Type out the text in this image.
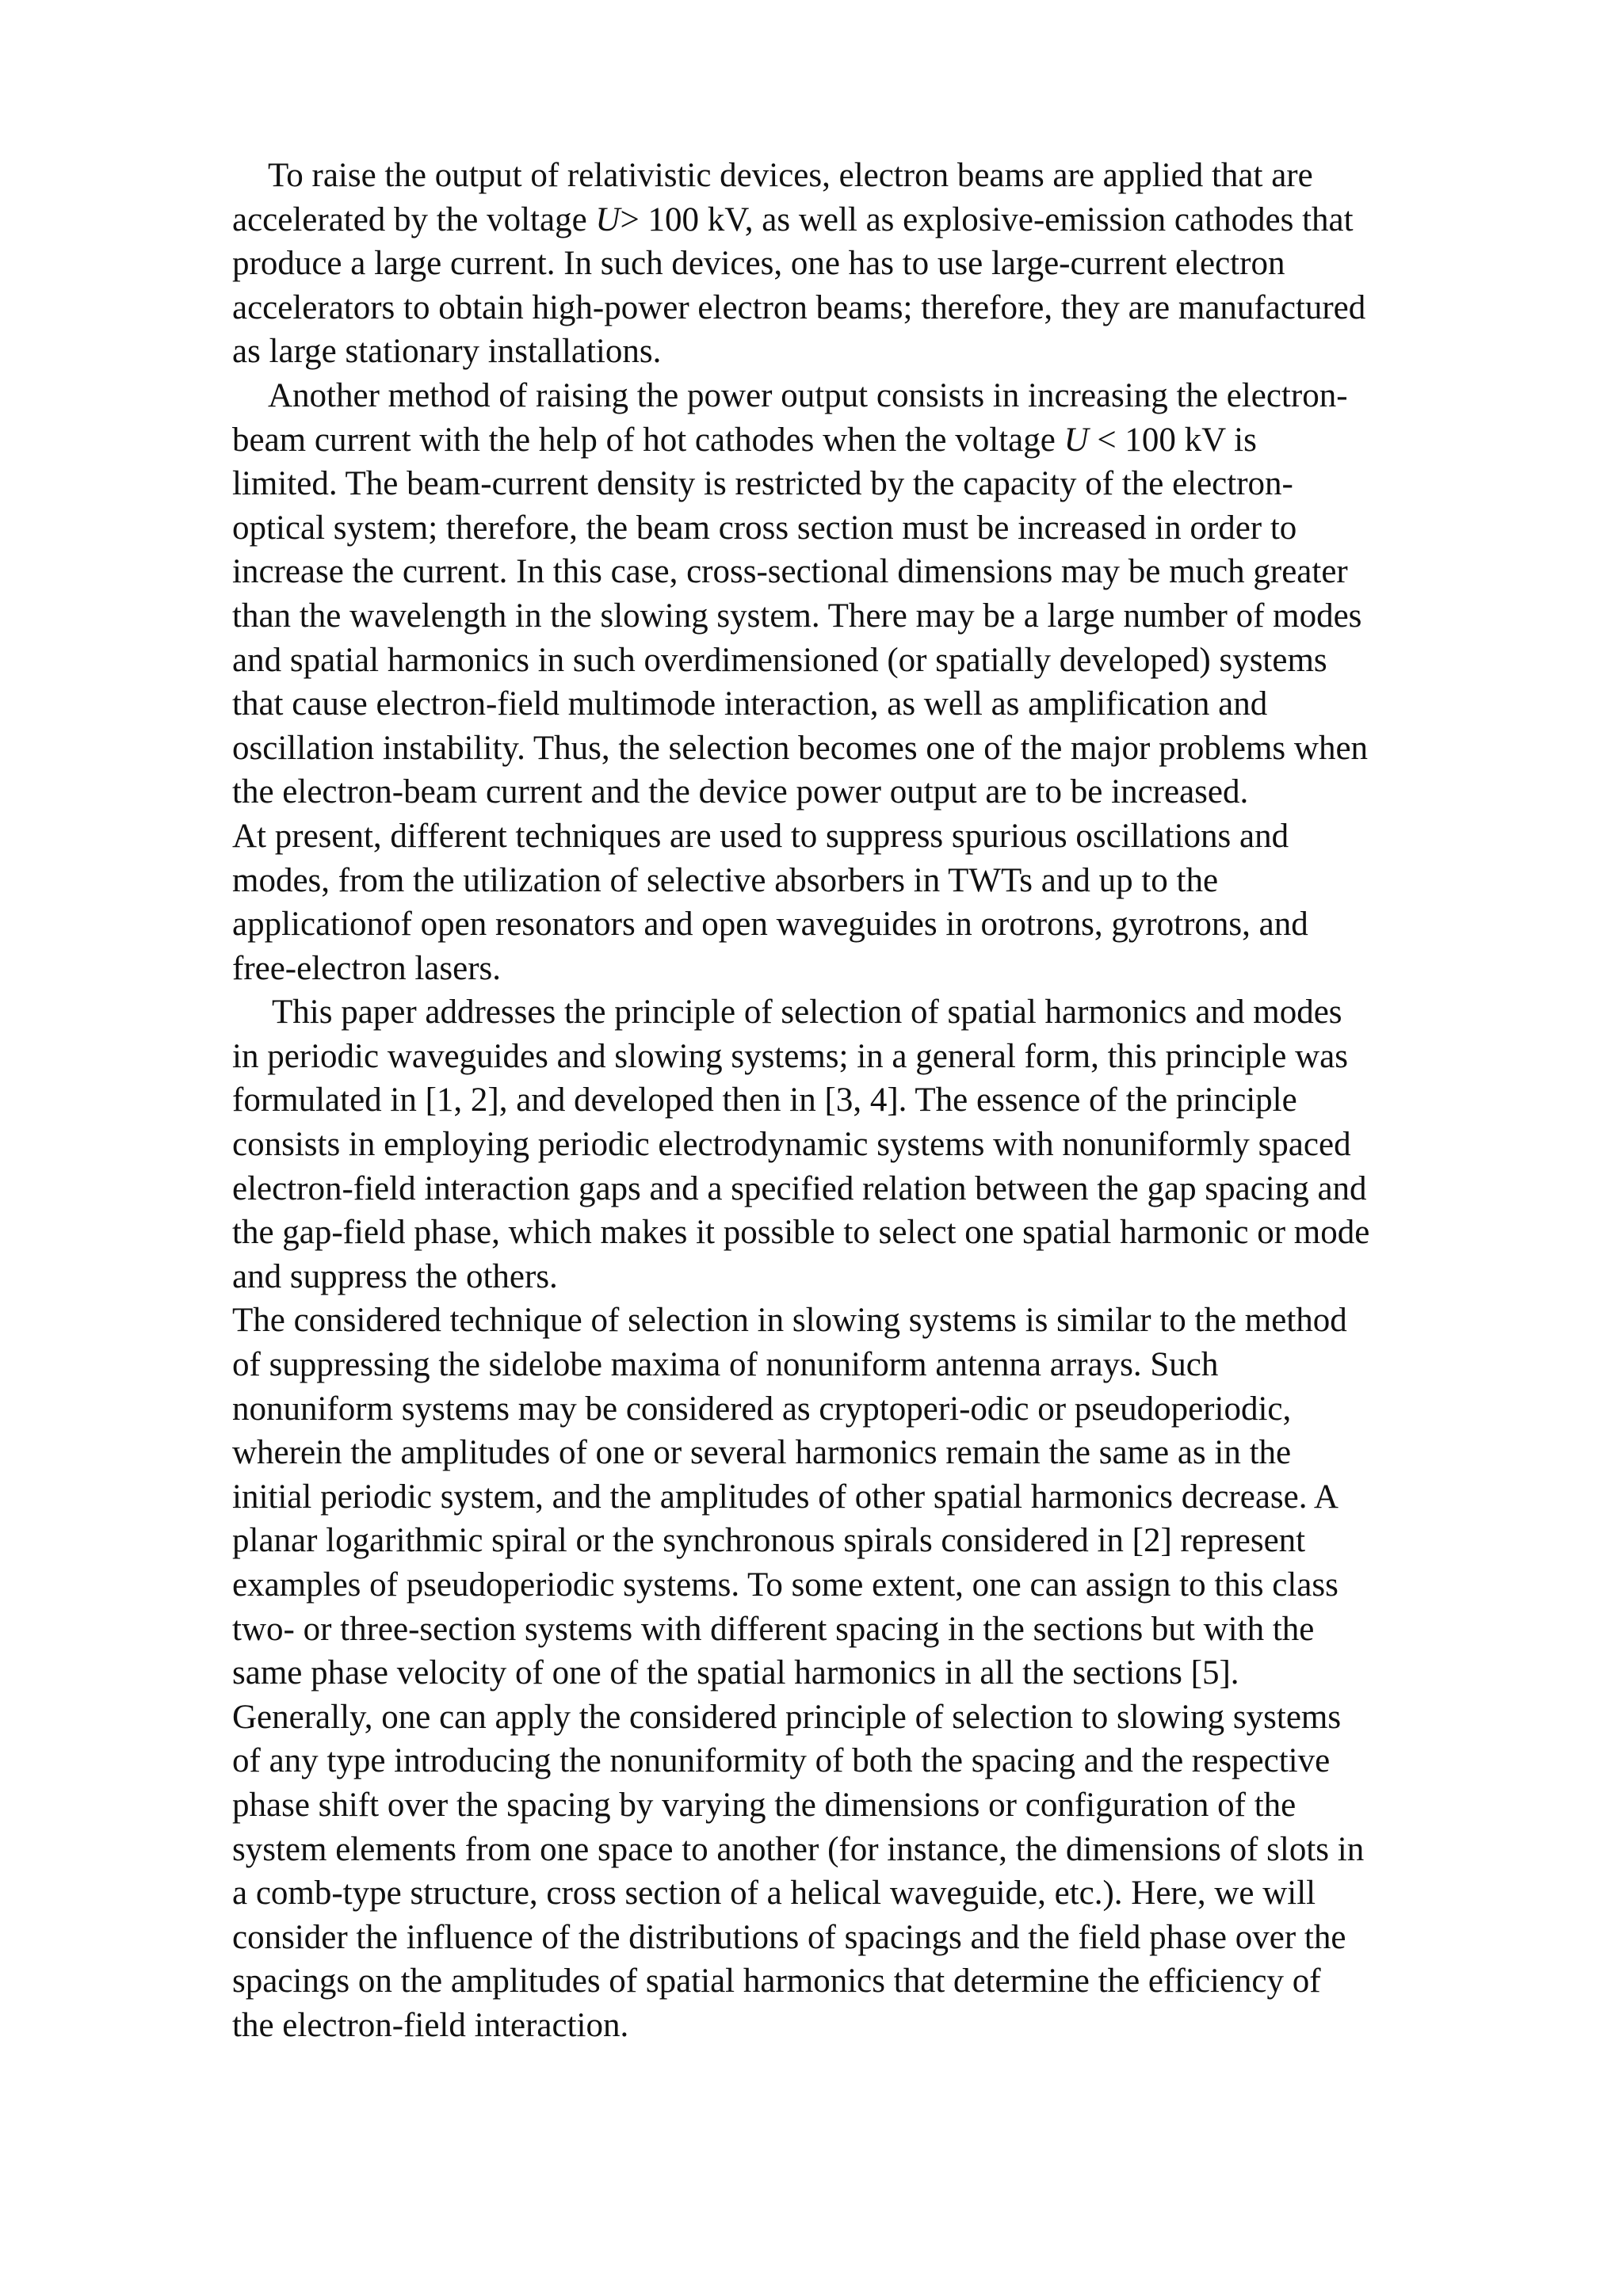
To raise the output of relativistic devices, electron beams are applied that are
accelerated by the voltage U> 100 kV, as well as explosive-emission cathodes that
produce a large current. In such devices, one has to use large-current electron
accelerators to obtain high-power electron beams; therefore, they are manufactured
as large stationary installations.
Another method of raising the power output consists in increasing the electron-
beam current with the help of hot cathodes when the voltage U < 100 kV is
limited. The beam-current density is restricted by the capacity of the electron-
optical system; therefore, the beam cross section must be increased in order to
increase the current. In this case, cross-sectional dimensions may be much greater
than the wavelength in the slowing system. There may be a large number of modes
and spatial harmonics in such overdimensioned (or spatially developed) systems
that cause electron-field multimode interaction, as well as amplification and
oscillation instability. Thus, the selection becomes one of the major problems when
the electron-beam current and the device power output are to be increased.
At present, different techniques are used to suppress spurious oscillations and
modes, from the utilization of selective absorbers in TWTs and up to the
applicationof open resonators and open waveguides in orotrons, gyrotrons, and
free-electron lasers.
This paper addresses the principle of selection of spatial harmonics and modes
in periodic waveguides and slowing systems; in a general form, this principle was
formulated in [1, 2], and developed then in [3, 4]. The essence of the principle
consists in employing periodic electrodynamic systems with nonuniformly spaced
electron-field interaction gaps and a specified relation between the gap spacing and
the gap-field phase, which makes it possible to select one spatial harmonic or mode
and suppress the others.
The considered technique of selection in slowing systems is similar to the method
of suppressing the sidelobe maxima of nonuniform antenna arrays. Such
nonuniform systems may be considered as cryptoperi-odic or pseudoperiodic,
wherein the amplitudes of one or several harmonics remain the same as in the
initial periodic system, and the amplitudes of other spatial harmonics decrease. A
planar logarithmic spiral or the synchronous spirals considered in [2] represent
examples of pseudoperiodic systems. To some extent, one can assign to this class
two- or three-section systems with different spacing in the sections but with the
same phase velocity of one of the spatial harmonics in all the sections [5].
Generally, one can apply the considered principle of selection to slowing systems
of any type introducing the nonuniformity of both the spacing and the respective
phase shift over the spacing by varying the dimensions or configuration of the
system elements from one space to another (for instance, the dimensions of slots in
a comb-type structure, cross section of a helical waveguide, etc.). Here, we will
consider the influence of the distributions of spacings and the field phase over the
spacings on the amplitudes of spatial harmonics that determine the efficiency of
the electron-field interaction.
